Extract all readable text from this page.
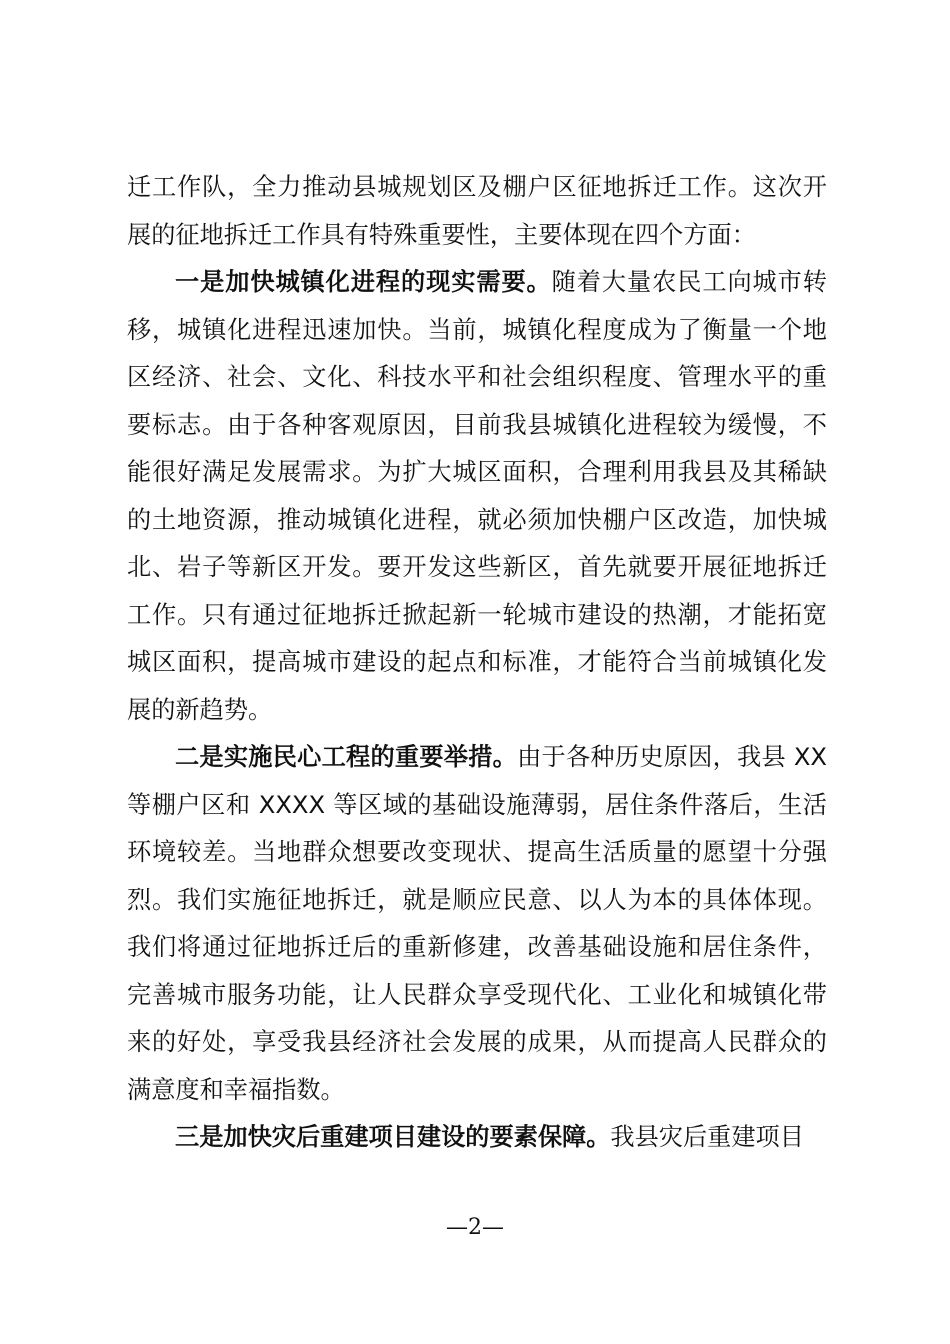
迁工作队，全力推动县城规划区及棚户区征地拆迁工作。这次开展的征地拆迁工作具有特殊重要性，主要体现在四个方面：

一是加快城镇化进程的现实需要。随着大量农民工向城市转移，城镇化进程迅速加快。当前，城镇化程度成为了衡量一个地区经济、社会、文化、科技水平和社会组织程度、管理水平的重要标志。由于各种客观原因，目前我县城镇化进程较为缓慢，不能很好满足发展需求。为扩大城区面积，合理利用我县及其稀缺的土地资源，推动城镇化进程，就必须加快棚户区改造，加快城北、岩子等新区开发。要开发这些新区，首先就要开展征地拆迁工作。只有通过征地拆迁掀起新一轮城市建设的热潮，才能拓宽城区面积，提高城市建设的起点和标准，才能符合当前城镇化发展的新趋势。

二是实施民心工程的重要举措。由于各种历史原因，我县 XX 等棚户区和 XXXX 等区域的基础设施薄弱，居住条件落后，生活环境较差。当地群众想要改变现状、提高生活质量的愿望十分强烈。我们实施征地拆迁，就是顺应民意、以人为本的具体体现。我们将通过征地拆迁后的重新修建，改善基础设施和居住条件，完善城市服务功能，让人民群众享受现代化、工业化和城镇化带来的好处，享受我县经济社会发展的成果，从而提高人民群众的满意度和幸福指数。

三是加快灾后重建项目建设的要素保障。我县灾后重建项目

—2—
